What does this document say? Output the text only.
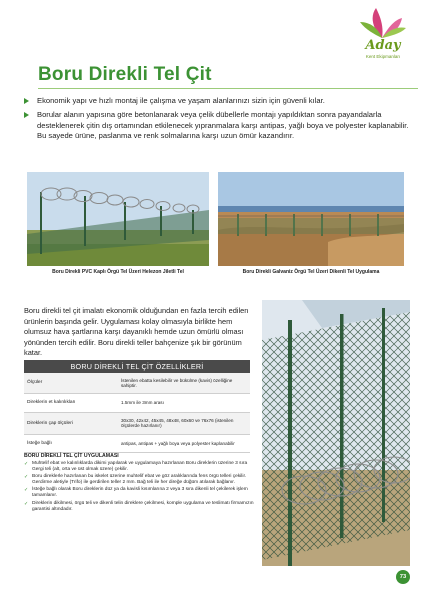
Aday
Kent Ekipmanları
Boru Direkli Tel Çit
Ekonomik yapı ve hızlı montaj ile çalışma ve yaşam alanlarınızı sizin için güvenli kılar.
Borular alanın yapısına göre betonlanarak veya çelik dübellerle montajı yapıldıktan sonra payandalarla desteklenerek çitin dış ortamından etkilenecek yıpranmalara karşı antipas, yağlı boya ve polyester kaplanabilir. Bu sayede ürüne, paslanma ve renk solmalarına karşı uzun ömür kazandırır.
Boru Direkli PVC Kaplı Örgü Tel Üzeri Helezon Jiletli Tel	Boru Direkli Galvaniz Örgü Tel Üzeri Dikenli Tel Uygulama
Boru direkli tel çit imalatı ekonomik olduğundan en fazla tercih edilen ürünlerin başında gelir. Uygulaması kolay olmasıyla birlikte hem olumsuz hava şartlarına karşı dayanıklı hemde uzun ömürlü olması yönünden tercih edilir. Boru direkli teller bahçenize şık bir görünüm katar.
BORU DİREKLİ TEL ÇİT ÖZELLİKLERİ	
Ölçüler	İstenilen ebatta kesilebilir ve bükülme (kavis) özelliğine sahiptir.
Direklerin et kalınlıkları	1.5mm ile 3mm arası
Direklerin çap ölçüleri	30x30, 42x42, 45x45, 48x48, 60x60 ve 76x76 (istenilen ölçülerde hazırlanır)
İsteğe bağlı	antipas, antipas + yağlı boya veya polyester kaplanabilir
BORU DİREKLİ TEL ÇİT UYGULAMASI
✓ Muhtelif ebat ve kalınlıklarda dikimi yapılarak ve uygulamaya hazırlanan Boru direklerin üzerine 3 sıra Gergi teli (alt, orta ve üst olmak üzere) çekilir.
✓ Boru direklerle hazırlanan bu iskelet üzerine muhtelif ebat ve göz aralıklarında fens örgü telleri çekilir. Gerdirme aletiyle (Trifo) ile gerdirilen teller 2 mm. Bağ teli ile her direğe düğüm atılarak bağlanır.
✓ İsteğe bağlı olarak Boru direklerin düz ya da kavisli kısımlarına 2 veya 3 sıra dikenli tel çekilerek işlem tamamlanır.
✓ Direklerin dikilmesi, örgü teli ve dikenli telin direklere çekilmesi, komple uygulama ve teslimatı firmamızın garantisi altındadır.
73
